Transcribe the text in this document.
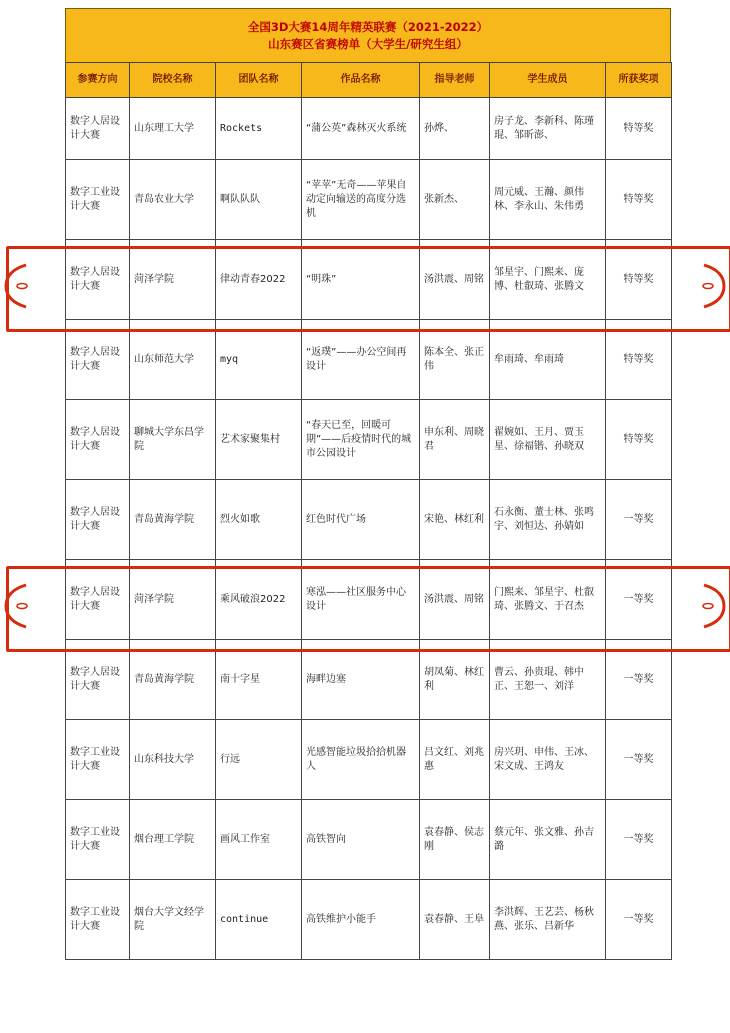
全国3D大赛14周年精英联赛（2021-2022）
山东赛区省赛榜单（大学生/研究生组）
参赛方向	院校名称	团队名称	作品名称	指导老师	学生成员	所获奖项
数字人居设计大赛	山东理工大学	Rockets	“蒲公英”森林灭火系统	孙烨、	房子龙、李新科、陈瑾琨、邹昕澎、	特等奖
数字工业设计大赛	青岛农业大学	啊队队队	“苹苹”无奇——苹果自动定向输送的高度分选机	张新杰、	周元威、王瀚、颜伟林、李永山、朱伟勇	特等奖
数字人居设计大赛	菏泽学院	律动青春2022	“明珠”	汤洪震、周铭	邹星宇、门熙来、庞博、杜叡琦、张腾文	特等奖
数字人居设计大赛	山东师范大学	myq	“返璞”——办公空间再设计	陈本全、张正伟	牟雨琦、牟雨琦	特等奖
数字人居设计大赛	聊城大学东昌学院	艺术家聚集村	“春天已至，回暖可期”——后疫情时代的城市公园设计	申东利、周晓君	翟婉如、王月、贾玉星、徐福锴、孙晓双	特等奖
数字人居设计大赛	青岛黄海学院	烈火如歌	红色时代广场	宋艳、林红利	石永衡、董士林、张鸣宇、刘恒达、孙婧如	一等奖
数字人居设计大赛	菏泽学院	乘风破浪2022	寒泓——社区服务中心设计	汤洪震、周铭	门熙来、邹星宇、杜叡琦、张腾文、于召杰	一等奖
数字人居设计大赛	青岛黄海学院	南十字星	海畔边塞	胡凤菊、林红利	曹云、孙贵琨、韩中正、王恕一、刘洋	一等奖
数字工业设计大赛	山东科技大学	行远	光感智能垃圾拾拾机器人	吕文红、刘兆惠	房兴玥、申伟、王冰、宋文成、王鸿友	一等奖
数字工业设计大赛	烟台理工学院	画风工作室	高铁智向	袁春静、侯志刚	蔡元年、张文雅、孙吉潞	一等奖
数字工业设计大赛	烟台大学文经学院	continue	高铁维护小能手	袁春静、王阜	李洪辉、王艺芸、杨秋燕、张乐、吕新华	一等奖
